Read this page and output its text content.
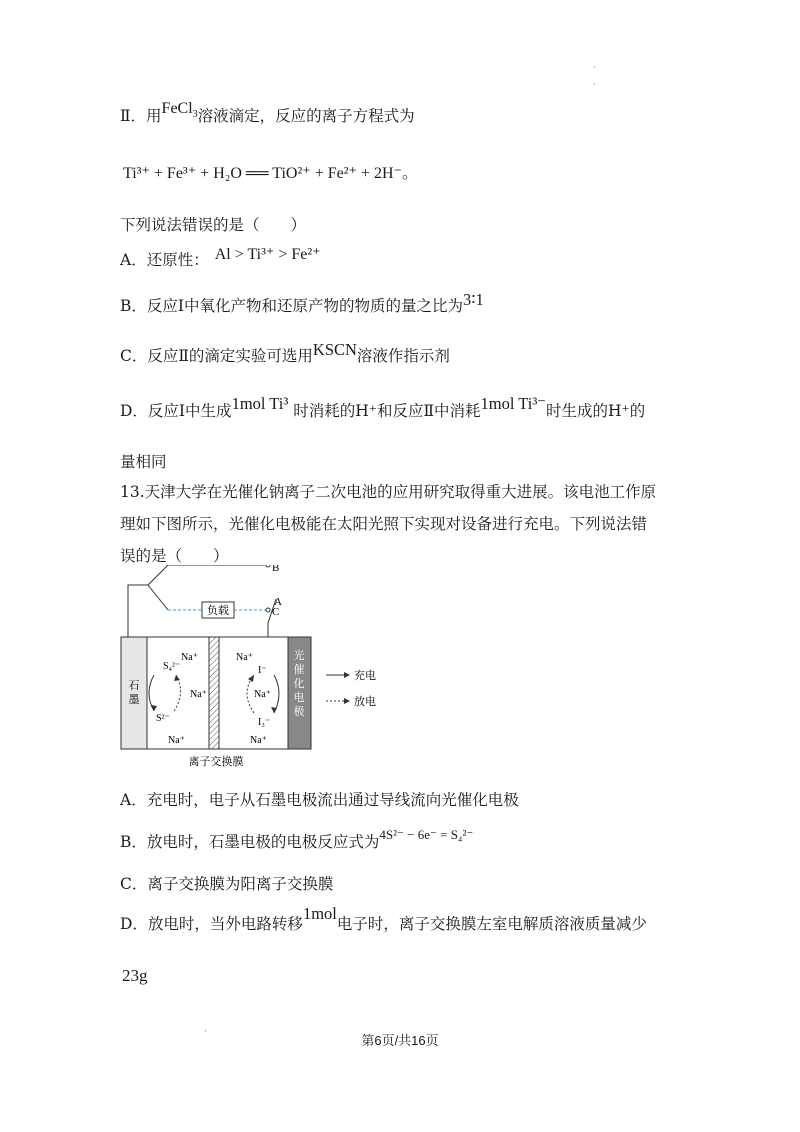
Ⅱ．用FeCl$_3$溶液滴定，反应的离子方程式为
Ti³⁺ + Fe³⁺ + H₂O ══ TiO²⁺ + Fe²⁺ + 2H⁻。
下列说法错误的是（　　）
A．还原性： Al > Ti³⁺ > Fe²⁺
B．反应Ⅰ中氧化产物和还原产物的物质的量之比为3∶1
C．反应Ⅱ的滴定实验可选用KSCN溶液作指示剂
D．反应Ⅰ中生成1mol Ti³ 时消耗的H⁺和反应Ⅱ中消耗1mol Ti³⁻时生成的H⁺的
量相同
13.天津大学在光催化钠离子二次电池的应用研究取得重大进展。该电池工作原
理如下图所示，光催化电极能在太阳光照下实现对设备进行充电。下列说法错
误的是（　　）
负载
B
A
C
石
墨
光
催
化
电
极
离子交换膜
S₄²⁻
S²⁻
Na⁺
Na⁺
Na⁺
Na⁺
I⁻
Na⁺
I₃⁻
Na⁺
充电
放电
A．充电时，电子从石墨电极流出通过导线流向光催化电极
B．放电时，石墨电极的电极反应式为$^{4S^{2-} - 6e^- = S_4^{2-}}$
C．离子交换膜为阳离子交换膜
D．放电时，当外电路转移1mol电子时，离子交换膜左室电解质溶液质量减少
23g
·
·
·
第6页/共16页
